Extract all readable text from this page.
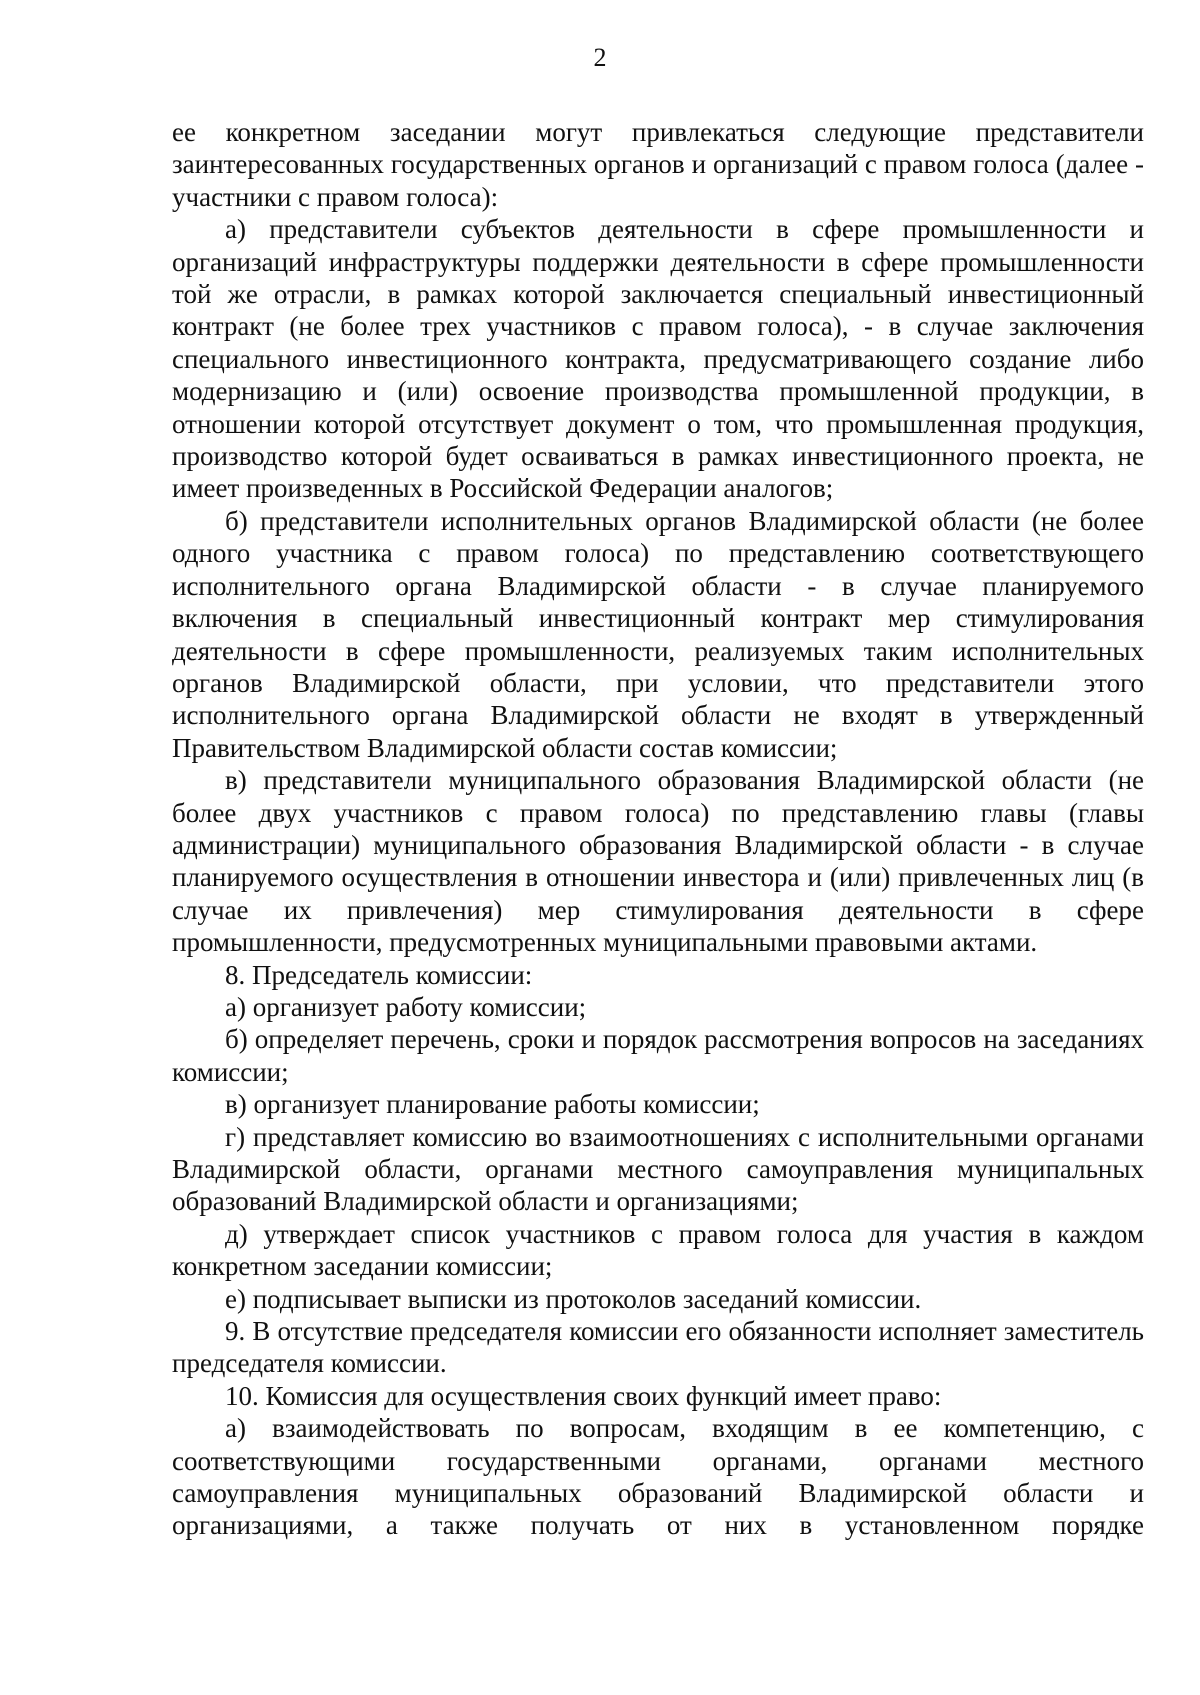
2

ее конкретном заседании могут привлекаться следующие представители заинтересованных государственных органов и организаций с правом голоса (далее - участники с правом голоса):

а) представители субъектов деятельности в сфере промышленности и организаций инфраструктуры поддержки деятельности в сфере промышленности той же отрасли, в рамках которой заключается специальный инвестиционный контракт (не более трех участников с правом голоса), - в случае заключения специального инвестиционного контракта, предусматривающего создание либо модернизацию и (или) освоение производства промышленной продукции, в отношении которой отсутствует документ о том, что промышленная продукция, производство которой будет осваиваться в рамках инвестиционного проекта, не имеет произведенных в Российской Федерации аналогов;

б) представители исполнительных органов Владимирской области (не более одного участника с правом голоса) по представлению соответствующего исполнительного органа Владимирской области - в случае планируемого включения в специальный инвестиционный контракт мер стимулирования деятельности в сфере промышленности, реализуемых таким исполнительных органов Владимирской области, при условии, что представители этого исполнительного органа Владимирской области не входят в утвержденный Правительством Владимирской области состав комиссии;

в) представители муниципального образования Владимирской области (не более двух участников с правом голоса) по представлению главы (главы администрации) муниципального образования Владимирской области - в случае планируемого осуществления в отношении инвестора и (или) привлеченных лиц (в случае их привлечения) мер стимулирования деятельности в сфере промышленности, предусмотренных муниципальными правовыми актами.

8. Председатель комиссии:

а) организует работу комиссии;

б) определяет перечень, сроки и порядок рассмотрения вопросов на заседаниях комиссии;

в) организует планирование работы комиссии;

г) представляет комиссию во взаимоотношениях с исполнительными органами Владимирской области, органами местного самоуправления муниципальных образований Владимирской области и организациями;

д) утверждает список участников с правом голоса для участия в каждом конкретном заседании комиссии;

е) подписывает выписки из протоколов заседаний комиссии.

9. В отсутствие председателя комиссии его обязанности исполняет заместитель председателя комиссии.

10. Комиссия для осуществления своих функций имеет право:

а) взаимодействовать по вопросам, входящим в ее компетенцию, с соответствующими государственными органами, органами местного самоуправления муниципальных образований Владимирской области и организациями, а также получать от них в установленном порядке
